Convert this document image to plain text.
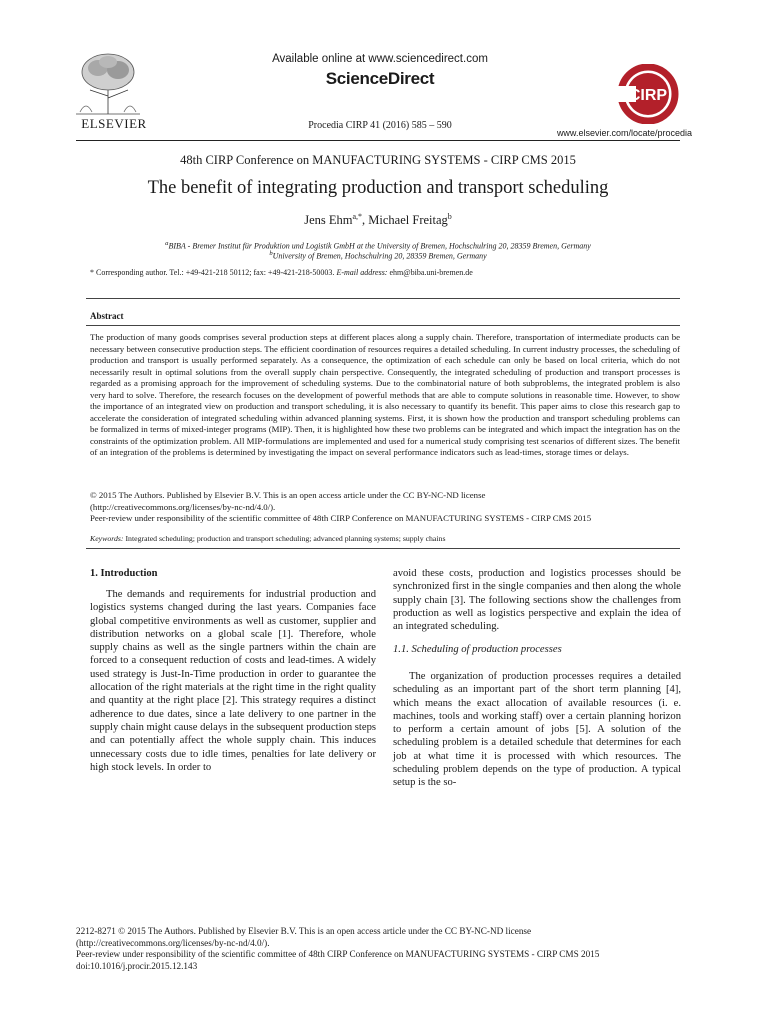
ELSEVIER
Available online at www.sciencedirect.com
ScienceDirect
Procedia CIRP 41 (2016) 585 – 590
CIRP
www.elsevier.com/locate/procedia
48th CIRP Conference on MANUFACTURING SYSTEMS - CIRP CMS 2015
The benefit of integrating production and transport scheduling
Jens Ehm$^{a,*}$, Michael Freitag$^b$
$^a$BIBA - Bremer Institut für Produktion und Logistik GmbH at the University of Bremen, Hochschulring 20, 28359 Bremen, Germany
$^b$University of Bremen, Hochschulring 20, 28359 Bremen, Germany
* Corresponding author. Tel.: +49-421-218 50112; fax: +49-421-218-50003. E-mail address: ehm@biba.uni-bremen.de
Abstract
The production of many goods comprises several production steps at different places along a supply chain. Therefore, transportation of intermediate products can be necessary between consecutive production steps. The efficient coordination of resources requires a detailed scheduling. In current industry processes, the scheduling of production and transport is usually performed separately. As a consequence, the optimization of each schedule can only be based on local criteria, which do not necessarily result in optimal solutions from the overall supply chain perspective. Consequently, the integrated scheduling of production and transport processes is regarded as a promising approach for the improvement of scheduling systems. Due to the combinatorial nature of both subproblems, the integrated problem is also very hard to solve. Therefore, the research focuses on the development of powerful methods that are able to compute solutions in reasonable time. However, to show the importance of an integrated view on production and transport scheduling, it is also necessary to quantify its benefit. This paper aims to close this research gap to accelerate the consideration of integrated scheduling within advanced planning systems. First, it is shown how the production and transport scheduling problems can be formalized in terms of mixed-integer programs (MIP). Then, it is highlighted how these two problems can be integrated and which impact the integration has on the constraints of the optimization problem. All MIP-formulations are implemented and used for a numerical study comprising test scenarios of different sizes. The benefit of an integration of the problems is determined by investigating the impact on several performance indicators such as lead-times, storage times or delays.
© 2015 The Authors. Published by Elsevier B.V. This is an open access article under the CC BY-NC-ND license
(http://creativecommons.org/licenses/by-nc-nd/4.0/).
Peer-review under responsibility of the scientific committee of 48th CIRP Conference on MANUFACTURING SYSTEMS - CIRP CMS 2015
Keywords: Integrated scheduling; production and transport scheduling; advanced planning systems; supply chains
1. Introduction

The demands and requirements for industrial production and logistics systems changed during the last years. Companies face global competitive environments as well as customer, supplier and distribution networks on a global scale [1]. Therefore, whole supply chains as well as the single partners within the chain are forced to a consequent reduction of costs and lead-times. A widely used strategy is Just-In-Time production in order to guarantee the allocation of the right materials at the right time in the right quality and quantity at the right place [2]. This strategy requires a distinct adherence to due dates, since a late delivery to one partner in the supply chain might cause delays in the subsequent production steps and can potentially affect the whole supply chain. This induces unnecessary costs due to idle times, penalties for late delivery or high stock levels. In order to

avoid these costs, production and logistics processes should be synchronized first in the single companies and then along the whole supply chain [3]. The following sections show the challenges from production as well as logistics perspective and explain the idea of an integrated scheduling.

1.1. Scheduling of production processes

The organization of production processes requires a detailed scheduling as an important part of the short term planning [4], which means the exact allocation of available resources (i. e. machines, tools and working staff) over a certain planning horizon to perform a certain amount of jobs [5]. A solution of the scheduling problem is a detailed schedule that determines for each job at what time it is processed with which resources. The scheduling problem depends on the type of production. A typical setup is the so-

2212-8271 © 2015 The Authors. Published by Elsevier B.V. This is an open access article under the CC BY-NC-ND license
(http://creativecommons.org/licenses/by-nc-nd/4.0/).
Peer-review under responsibility of the scientific committee of 48th CIRP Conference on MANUFACTURING SYSTEMS - CIRP CMS 2015
doi:10.1016/j.procir.2015.12.143
